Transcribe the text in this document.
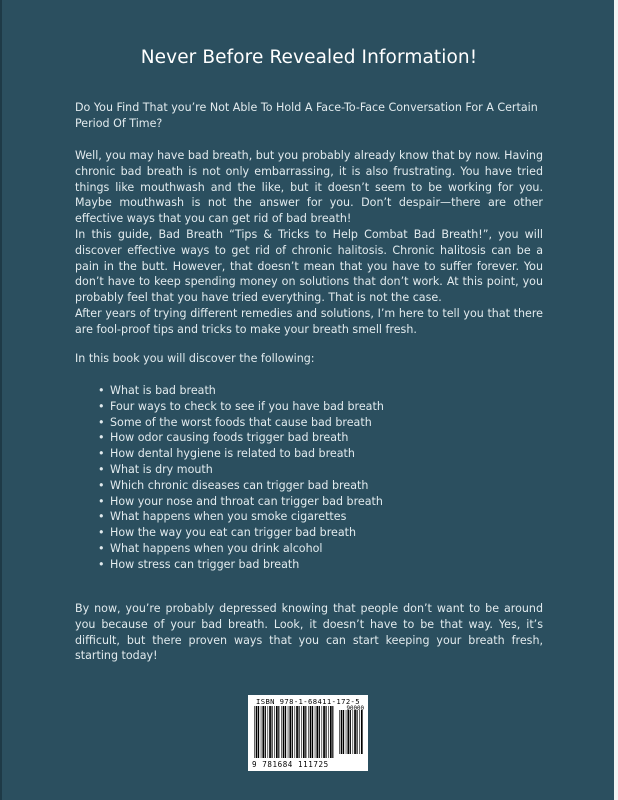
Never Before Revealed Information!
Do You Find That you’re Not Able To Hold A Face-To-Face Conversation For A Certain Period Of Time?

Well, you may have bad breath, but you probably already know that by now. Having chronic bad breath is not only embarrassing, it is also frustrating. You have tried things like mouthwash and the like, but it doesn’t seem to be working for you. Maybe mouthwash is not the answer for you. Don’t despair—there are other effective ways that you can get rid of bad breath!

In this guide, Bad Breath “Tips & Tricks to Help Combat Bad Breath!”, you will discover effective ways to get rid of chronic halitosis. Chronic halitosis can be a pain in the butt. However, that doesn’t mean that you have to suffer forever. You don’t have to keep spending money on solutions that don’t work. At this point, you probably feel that you have tried everything. That is not the case.

After years of trying different remedies and solutions, I’m here to tell you that there are fool-proof tips and tricks to make your breath smell fresh.

In this book you will discover the following:

• What is bad breath
• Four ways to check to see if you have bad breath
• Some of the worst foods that cause bad breath
• How odor causing foods trigger bad breath
• How dental hygiene is related to bad breath
• What is dry mouth
• Which chronic diseases can trigger bad breath
• How your nose and throat can trigger bad breath
• What happens when you smoke cigarettes
• How the way you eat can trigger bad breath
• What happens when you drink alcohol
• How stress can trigger bad breath

By now, you’re probably depressed knowing that people don’t want to be around you because of your bad breath. Look, it doesn’t have to be that way. Yes, it’s difficult, but there proven ways that you can start keeping your breath fresh, starting today!

ISBN 978-1-68411-172-5
90000
9 781684 111725
